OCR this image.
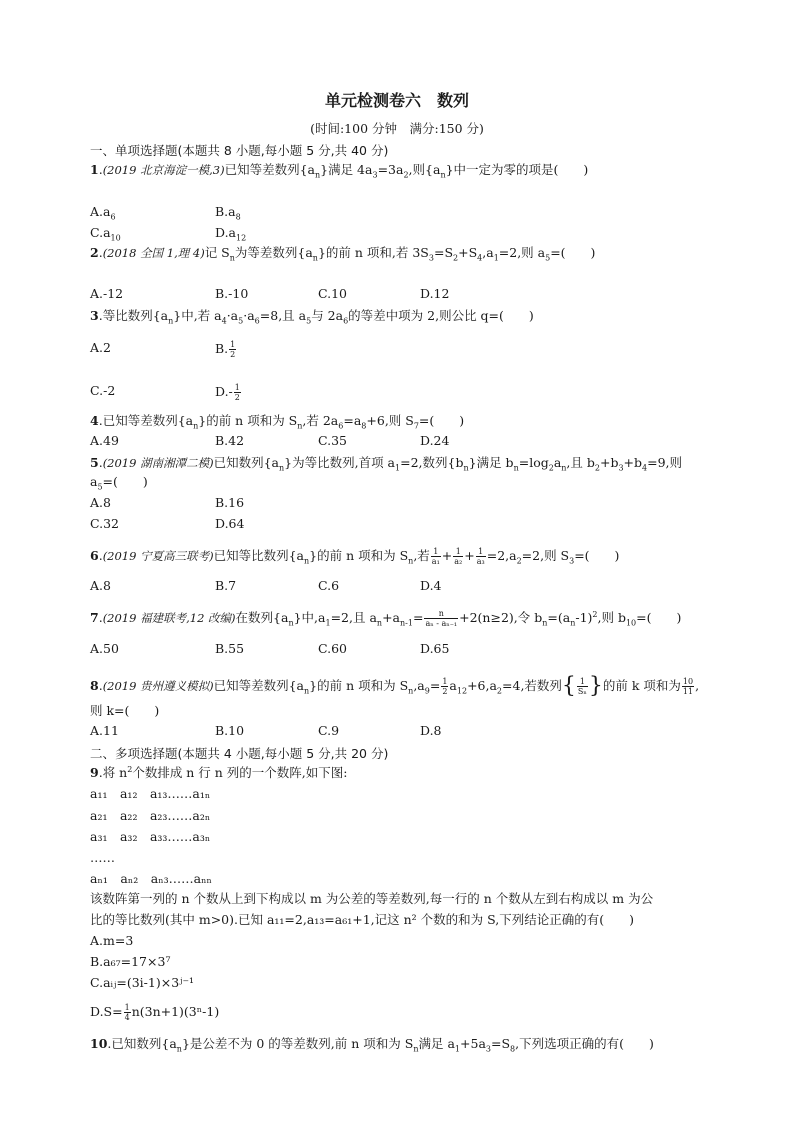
单元检测卷六　数列
(时间:100 分钟　满分:150 分)
一、单项选择题(本题共 8 小题,每小题 5 分,共 40 分)
1.(2019 北京海淀一模,3)已知等差数列$\{a_n\}$满足 $4a_3=3a_2$,则$\{a_n\}$中一定为零的项是(　　)
$A.a_6$	$B.a_8$
$C.a_{10}$	$D.a_{12}$
2.(2018 全国 1,理 4)记 $S_n$为等差数列$\{a_n\}$的前 n 项和,若 $3S_3=S_2+S_4,a_1=2$,则 $a_5=$(　　)
A.-12	B.-10	C.10	D.12
3.等比数列$\{a_n\}$中,若 $a_4\cdot a_5\cdot a_6=8$,且 $a_5$与 $2a_6$的等差中项为 2,则公比 q=(　　)
A.2	B. $\frac{1}{2}$
C.-2	$D.- \frac{1}{2}$
4.已知等差数列$\{a_n\}$的前 n 项和为 $S_n$,若 $2a_6=a_8+6$,则 $S_7=$(　　)
A.49	B.42	C.35	D.24
5.(2019 湖南湘潭二模)已知数列$\{a_n\}$为等比数列,首项 $a_1=2$,数列$\{b_n\}$满足 $b_n=\log_2a_n$,且 $b_2+b_3+b_4=9$,则
$a_5=$(　　)
A.8	B.16
C.32	D.64
6.(2019 宁夏高三联考)已知等比数列$\{a_n\}$的前 n 项和为 $S_n$,若 $\frac{1}{\text{a₁}} + \frac{1}{\text{a₂}} + \frac{1}{\text{a₃}} =2,a_2=2$,则 $S_3=$(　　)
A.8	B.7	C.6	D.4
7.(2019 福建联考,12 改编)在数列$\{a_n\}$中$,a_1=2$,且 $a_n+a_{n-1}= \frac{n}{\text{aₙ - aₙ₋₁}} +2(n\ge 2)$,令 $b_n=(a_n-1)^2$,则 $b_{10}=$(　　)
A.50	B.55	C.60	D.65
8.(2019 贵州遵义模拟)已知等差数列$\{a_n\}$的前 n 项和为 $S_n,a_9= \frac{1}{2} a_{12}+6,a_2=4$,若数列{ $\frac{1}{\text{Sₙ}}$ }的前 k 项和为 $\frac{10}{11}$ ,
则 k=(　　)
A.11	B.10	C.9	D.8
二、多项选择题(本题共 4 小题,每小题 5 分,共 20 分)
9.将 $n^2$个数排成 n 行 n 列的一个数阵,如下图:
a₁₁　a₁₂　a₁₃……a₁ₙ
a₂₁　a₂₂　a₂₃……a₂ₙ
a₃₁　a₃₂　a₃₃……a₃ₙ
……
aₙ₁　aₙ₂　aₙ₃……aₙₙ
该数阵第一列的 n 个数从上到下构成以 m 为公差的等差数列,每一行的 n 个数从左到右构成以 m 为公
比的等比数列(其中 m>0).已知 a₁₁=2,a₁₃=a₆₁+1,记这 n² 个数的和为 S,下列结论正确的有(　　)
A.m=3
B.a₆₇=17×3⁷
C.aᵢⱼ=(3i-1)×3ʲ⁻¹
$D.S= \frac{1}{4} n(3n+1)(3^n-1)$
10.已知数列$\{a_n\}$是公差不为 0 的等差数列,前 n 项和为 $S_n$满足 $a_1+5a_3=S_8$,下列选项正确的有(　　)
